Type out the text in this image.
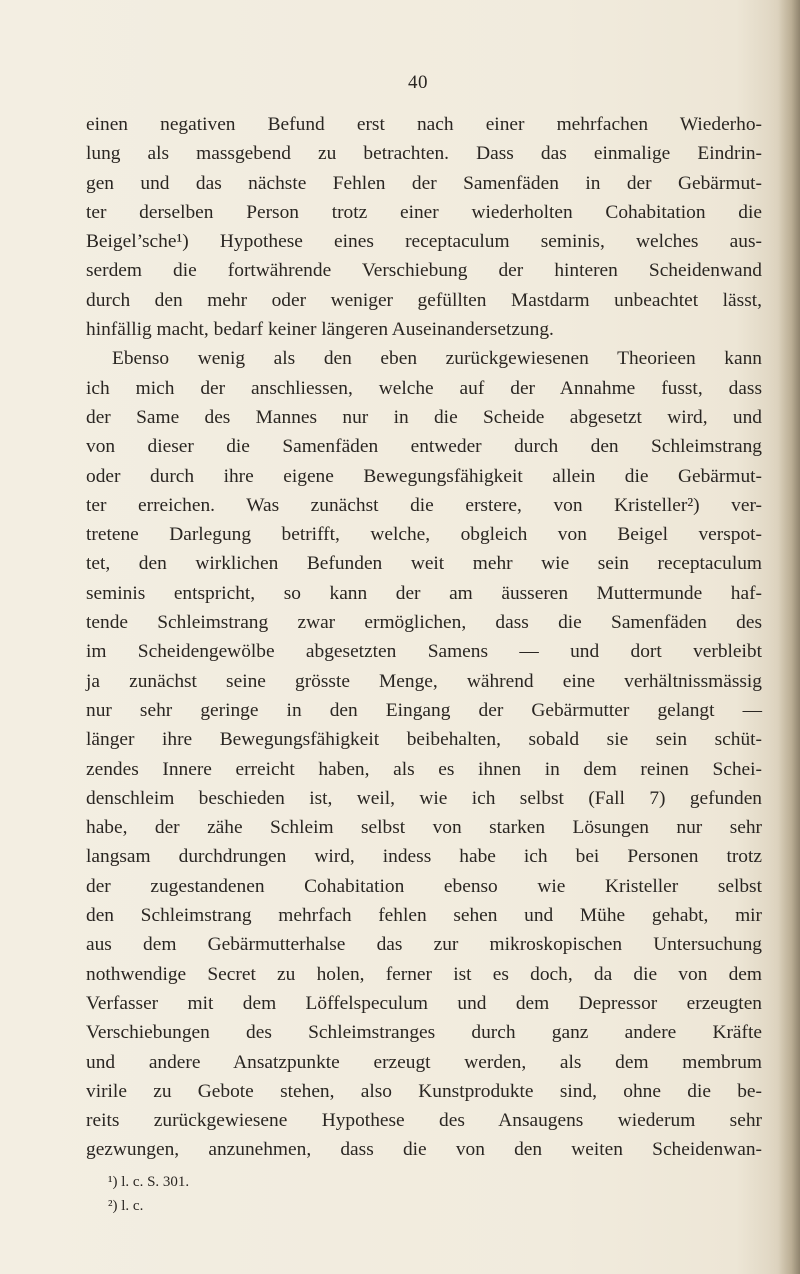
40
einen negativen Befund erst nach einer mehrfachen Wiederho-
lung als massgebend zu betrachten. Dass das einmalige Eindrin-
gen und das nächste Fehlen der Samenfäden in der Gebärmut-
ter derselben Person trotz einer wiederholten Cohabitation die
Beigel’sche¹) Hypothese eines receptaculum seminis, welches aus-
serdem die fortwährende Verschiebung der hinteren Scheidenwand
durch den mehr oder weniger gefüllten Mastdarm unbeachtet lässt,
hinfällig macht, bedarf keiner längeren Auseinandersetzung.
Ebenso wenig als den eben zurückgewiesenen Theorieen kann
ich mich der anschliessen, welche auf der Annahme fusst, dass
der Same des Mannes nur in die Scheide abgesetzt wird, und
von dieser die Samenfäden entweder durch den Schleimstrang
oder durch ihre eigene Bewegungsfähigkeit allein die Gebärmut-
ter erreichen. Was zunächst die erstere, von Kristeller²) ver-
tretene Darlegung betrifft, welche, obgleich von Beigel verspot-
tet, den wirklichen Befunden weit mehr wie sein receptaculum
seminis entspricht, so kann der am äusseren Muttermunde haf-
tende Schleimstrang zwar ermöglichen, dass die Samenfäden des
im Scheidengewölbe abgesetzten Samens — und dort verbleibt
ja zunächst seine grösste Menge, während eine verhältnissmässig
nur sehr geringe in den Eingang der Gebärmutter gelangt —
länger ihre Bewegungsfähigkeit beibehalten, sobald sie sein schüt-
zendes Innere erreicht haben, als es ihnen in dem reinen Schei-
denschleim beschieden ist, weil, wie ich selbst (Fall 7) gefunden
habe, der zähe Schleim selbst von starken Lösungen nur sehr
langsam durchdrungen wird, indess habe ich bei Personen trotz
der zugestandenen Cohabitation ebenso wie Kristeller selbst
den Schleimstrang mehrfach fehlen sehen und Mühe gehabt, mir
aus dem Gebärmutterhalse das zur mikroskopischen Untersuchung
nothwendige Secret zu holen, ferner ist es doch, da die von dem
Verfasser mit dem Löffelspeculum und dem Depressor erzeugten
Verschiebungen des Schleimstranges durch ganz andere Kräfte
und andere Ansatzpunkte erzeugt werden, als dem membrum
virile zu Gebote stehen, also Kunstprodukte sind, ohne die be-
reits zurückgewiesene Hypothese des Ansaugens wiederum sehr
gezwungen, anzunehmen, dass die von den weiten Scheidenwan-
¹) l. c. S. 301.
²) l. c.
